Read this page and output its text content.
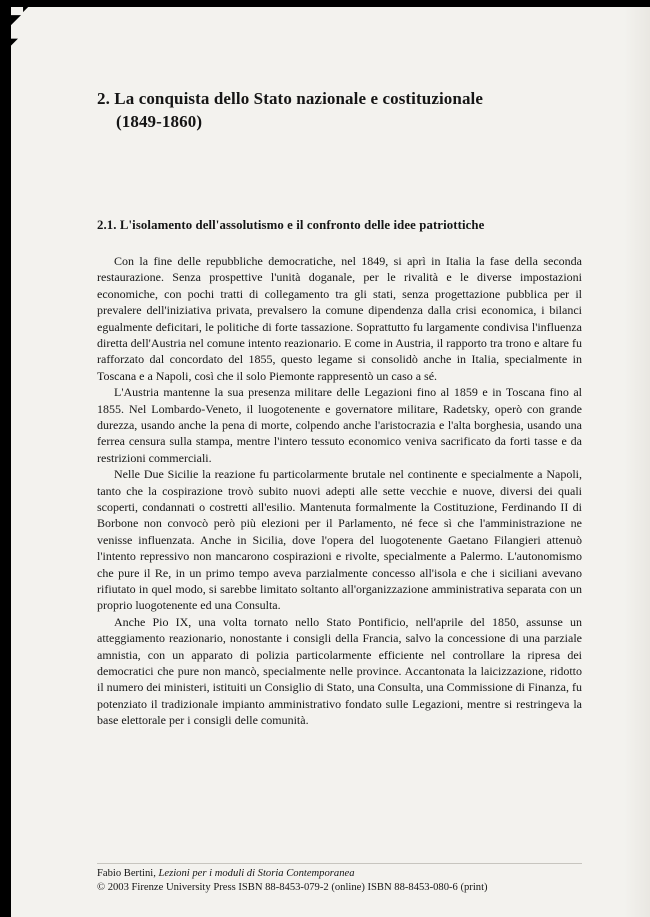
◤
◤
◤
2. La conquista dello Stato nazionale e costituzionale
(1849-1860)
2.1. L'isolamento dell'assolutismo e il confronto delle idee patriottiche

Con la fine delle repubbliche democratiche, nel 1849, si aprì in Italia la fase della seconda restaurazione. Senza prospettive l'unità doganale, per le rivalità e le diverse impostazioni economiche, con pochi tratti di collegamento tra gli stati, senza progettazione pubblica per il prevalere dell'iniziativa privata, prevalsero la comune dipendenza dalla crisi economica, i bilanci egualmente deficitari, le politiche di forte tassazione. Soprattutto fu largamente condivisa l'influenza diretta dell'Austria nel comune intento reazionario. E come in Austria, il rapporto tra trono e altare fu rafforzato dal concordato del 1855, questo legame si consolidò anche in Italia, specialmente in Toscana e a Napoli, così che il solo Piemonte rappresentò un caso a sé.

L'Austria mantenne la sua presenza militare delle Legazioni fino al 1859 e in Toscana fino al 1855. Nel Lombardo-Veneto, il luogotenente e governatore militare, Radetsky, operò con grande durezza, usando anche la pena di morte, colpendo anche l'aristocrazia e l'alta borghesia, usando una ferrea censura sulla stampa, mentre l'intero tessuto economico veniva sacrificato da forti tasse e da restrizioni commerciali.

Nelle Due Sicilie la reazione fu particolarmente brutale nel continente e specialmente a Napoli, tanto che la cospirazione trovò subito nuovi adepti alle sette vecchie e nuove, diversi dei quali scoperti, condannati o costretti all'esilio. Mantenuta formalmente la Costituzione, Ferdinando II di Borbone non convocò però più elezioni per il Parlamento, né fece sì che l'amministrazione ne venisse influenzata. Anche in Sicilia, dove l'opera del luogotenente Gaetano Filangieri attenuò l'intento repressivo non mancarono cospirazioni e rivolte, specialmente a Palermo. L'autonomismo che pure il Re, in un primo tempo aveva parzialmente concesso all'isola e che i siciliani avevano rifiutato in quel modo, si sarebbe limitato soltanto all'organizzazione amministrativa separata con un proprio luogotenente ed una Consulta.

Anche Pio IX, una volta tornato nello Stato Pontificio, nell'aprile del 1850, assunse un atteggiamento reazionario, nonostante i consigli della Francia, salvo la concessione di una parziale amnistia, con un apparato di polizia particolarmente efficiente nel controllare la ripresa dei democratici che pure non mancò, specialmente nelle province. Accantonata la laicizzazione, ridotto il numero dei ministeri, istituiti un Consiglio di Stato, una Consulta, una Commissione di Finanza, fu potenziato il tradizionale impianto amministrativo fondato sulle Legazioni, mentre si restringeva la base elettorale per i consigli delle comunità.

Fabio Bertini, Lezioni per i moduli di Storia Contemporanea
© 2003 Firenze University Press ISBN 88-8453-079-2 (online) ISBN 88-8453-080-6 (print)
